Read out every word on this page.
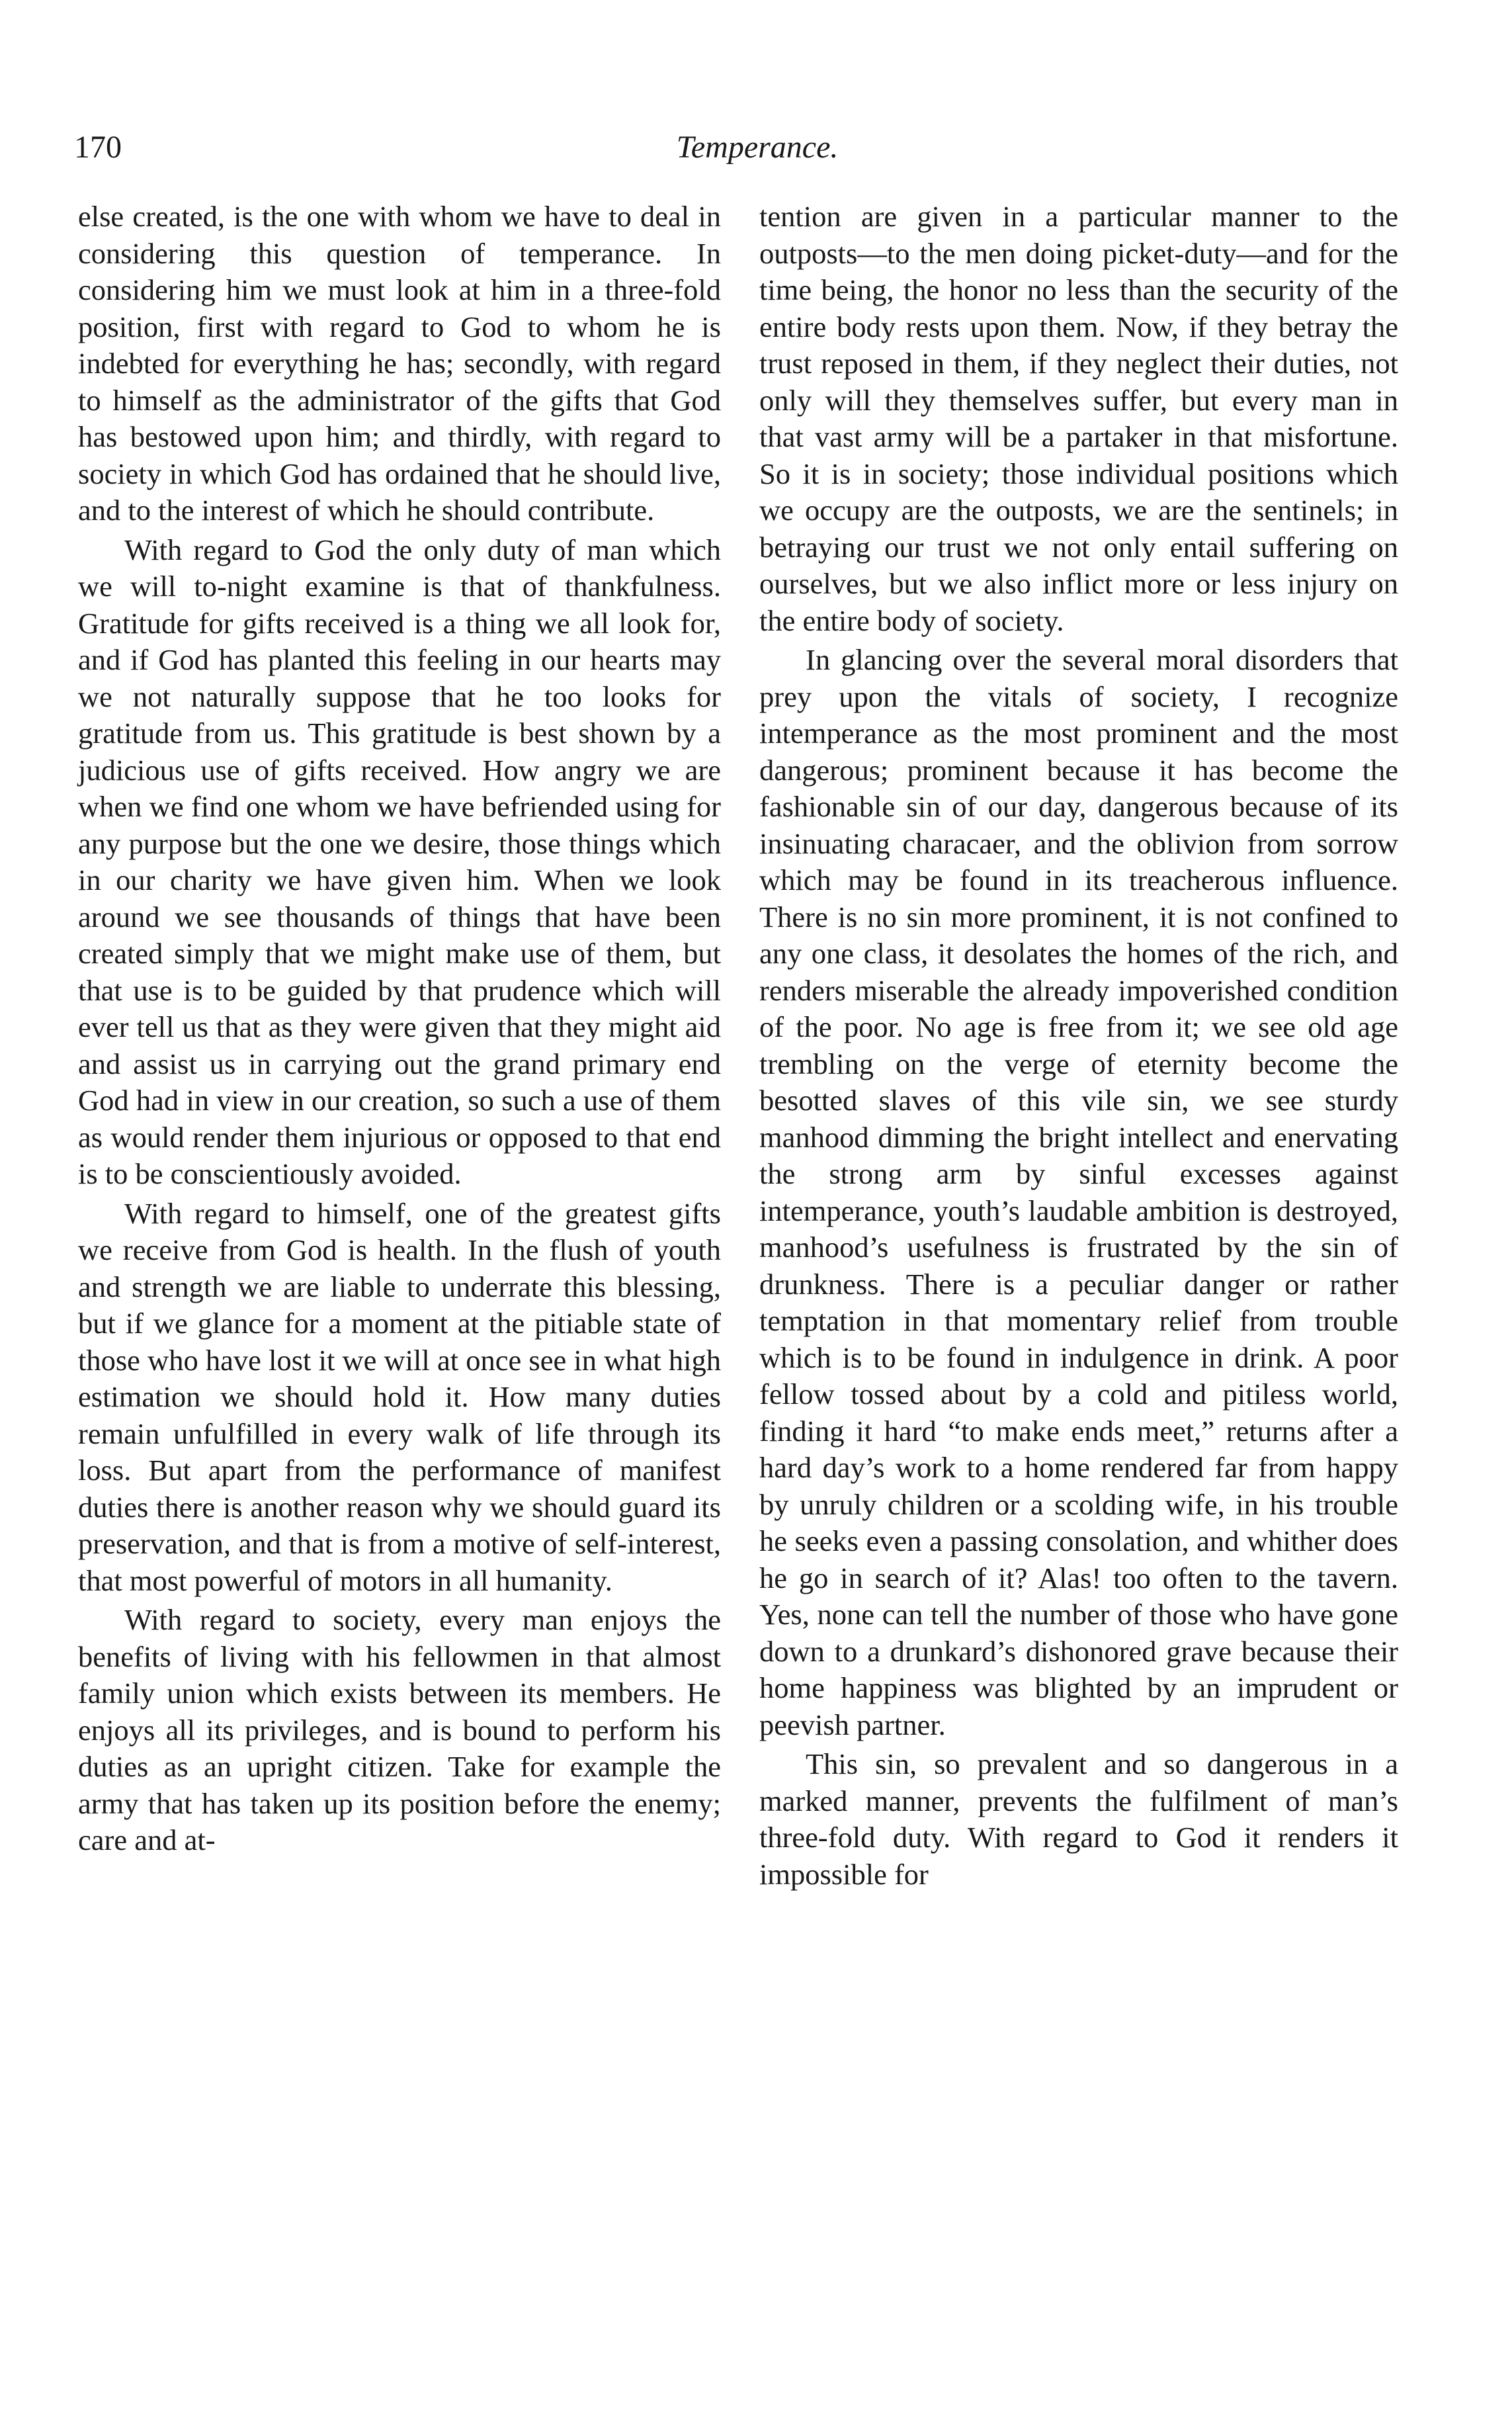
170	Temperance.

else created, is the one with whom we have to deal in considering this question of temperance. In considering him we must look at him in a three-fold position, first with regard to God to whom he is indebted for everything he has; secondly, with regard to himself as the administrator of the gifts that God has bestowed upon him; and thirdly, with regard to society in which God has ordained that he should live, and to the interest of which he should contribute.

With regard to God the only duty of man which we will to-night examine is that of thankfulness. Gratitude for gifts received is a thing we all look for, and if God has planted this feeling in our hearts may we not naturally suppose that he too looks for gratitude from us. This gratitude is best shown by a judicious use of gifts received. How angry we are when we find one whom we have befriended using for any purpose but the one we desire, those things which in our charity we have given him. When we look around we see thousands of things that have been created simply that we might make use of them, but that use is to be guided by that prudence which will ever tell us that as they were given that they might aid and assist us in carrying out the grand primary end God had in view in our creation, so such a use of them as would render them injurious or opposed to that end is to be conscientiously avoided.

With regard to himself, one of the greatest gifts we receive from God is health. In the flush of youth and strength we are liable to underrate this blessing, but if we glance for a moment at the pitiable state of those who have lost it we will at once see in what high estimation we should hold it. How many duties remain unfulfilled in every walk of life through its loss. But apart from the performance of manifest duties there is another reason why we should guard its preservation, and that is from a motive of self-interest, that most powerful of motors in all humanity.

With regard to society, every man enjoys the benefits of living with his fellowmen in that almost family union which exists between its members. He enjoys all its privileges, and is bound to perform his duties as an upright citizen. Take for example the army that has taken up its position before the enemy; care and at-

tention are given in a particular manner to the outposts—to the men doing picket-duty—and for the time being, the honor no less than the security of the entire body rests upon them. Now, if they betray the trust reposed in them, if they neglect their duties, not only will they themselves suffer, but every man in that vast army will be a partaker in that misfortune. So it is in society; those individual positions which we occupy are the outposts, we are the sentinels; in betraying our trust we not only entail suffering on ourselves, but we also inflict more or less injury on the entire body of society.

In glancing over the several moral disorders that prey upon the vitals of society, I recognize intemperance as the most prominent and the most dangerous; prominent because it has become the fashionable sin of our day, dangerous because of its insinuating characaer, and the oblivion from sorrow which may be found in its treacherous influence. There is no sin more prominent, it is not confined to any one class, it desolates the homes of the rich, and renders miserable the already impoverished condition of the poor. No age is free from it; we see old age trembling on the verge of eternity become the besotted slaves of this vile sin, we see sturdy manhood dimming the bright intellect and enervating the strong arm by sinful excesses against intemperance, youth’s laudable ambition is destroyed, manhood’s usefulness is frustrated by the sin of drunkness. There is a peculiar danger or rather temptation in that momentary relief from trouble which is to be found in indulgence in drink. A poor fellow tossed about by a cold and pitiless world, finding it hard “to make ends meet,” returns after a hard day’s work to a home rendered far from happy by unruly children or a scolding wife, in his trouble he seeks even a passing consolation, and whither does he go in search of it? Alas! too often to the tavern. Yes, none can tell the number of those who have gone down to a drunkard’s dishonored grave because their home happiness was blighted by an imprudent or peevish partner.

This sin, so prevalent and so dangerous in a marked manner, prevents the fulfilment of man’s three-fold duty. With regard to God it renders it impossible for
